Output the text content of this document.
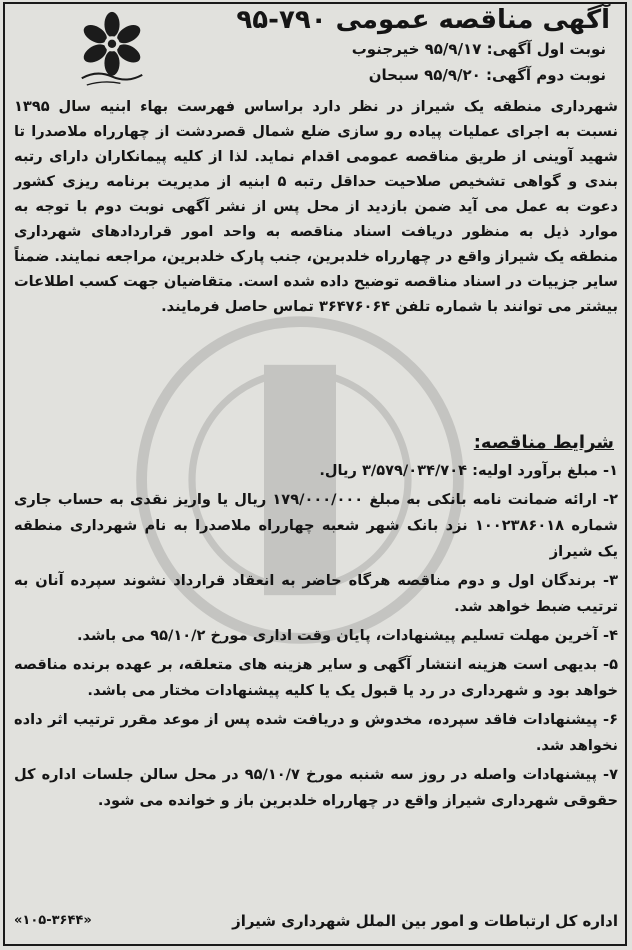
آگهی مناقصه عمومی ۷۹۰-۹۵
نوبت اول آگهی: ۹۵/۹/۱۷ خیرجنوب
نوبت دوم آگهی: ۹۵/۹/۲۰ سبحان
شهرداری منطقه یک شیراز در نظر دارد براساس فهرست بهاء ابنیه سال ۱۳۹۵ نسبت به اجرای عملیات پیاده رو سازی ضلع شمال قصردشت از چهارراه ملاصدرا تا شهید آوینی از طریق مناقصه عمومی اقدام نماید. لذا از کلیه پیمانکاران دارای رتبه بندی و گواهی تشخیص صلاحیت حداقل رتبه ۵ ابنیه از مدیریت برنامه ریزی کشور دعوت به عمل می آید ضمن بازدید از محل پس از نشر آگهی نوبت دوم با توجه به موارد ذیل به منظور دریافت اسناد مناقصه به واحد امور قراردادهای شهرداری منطقه یک شیراز واقع در چهارراه خلدبرین، جنب پارک خلدبرین، مراجعه نمایند. ضمناً سایر جزییات در اسناد مناقصه توضیح داده شده است. متقاضیان جهت کسب اطلاعات بیشتر می توانند با شماره تلفن ۳۶۴۷۶۰۶۴ تماس حاصل فرمایند.
شرایط مناقصه:

۱- مبلغ برآورد اولیه: ۳/۵۷۹/۰۳۴/۷۰۴ ریال.

۲- ارائه ضمانت نامه بانکی به مبلغ ۱۷۹/۰۰۰/۰۰۰ ریال یا واریز نقدی به حساب جاری شماره ۱۰۰۲۳۸۶۰۱۸ نزد بانک شهر شعبه چهارراه ملاصدرا به نام شهرداری منطقه یک شیراز

۳- برندگان اول و دوم مناقصه هرگاه حاضر به انعقاد قرارداد نشوند سپرده آنان به ترتیب ضبط خواهد شد.

۴- آخرین مهلت تسلیم پیشنهادات، پایان وقت اداری مورخ ۹۵/۱۰/۲ می باشد.

۵- بدیهی است هزینه انتشار آگهی و سایر هزینه های متعلقه، بر عهده برنده مناقصه خواهد بود و شهرداری در رد یا قبول یک یا کلیه پیشنهادات مختار می باشد.

۶- پیشنهادات فاقد سپرده، مخدوش و دریافت شده پس از موعد مقرر ترتیب اثر داده نخواهد شد.

۷- پیشنهادات واصله در روز سه شنبه مورخ ۹۵/۱۰/۷ در محل سالن جلسات اداره کل حقوقی شهرداری شیراز واقع در چهارراه خلدبرین باز و خوانده می شود.

اداره کل ارتباطات و امور بین الملل شهرداری شیراز
«۱۰۵-۳۶۴۴»
